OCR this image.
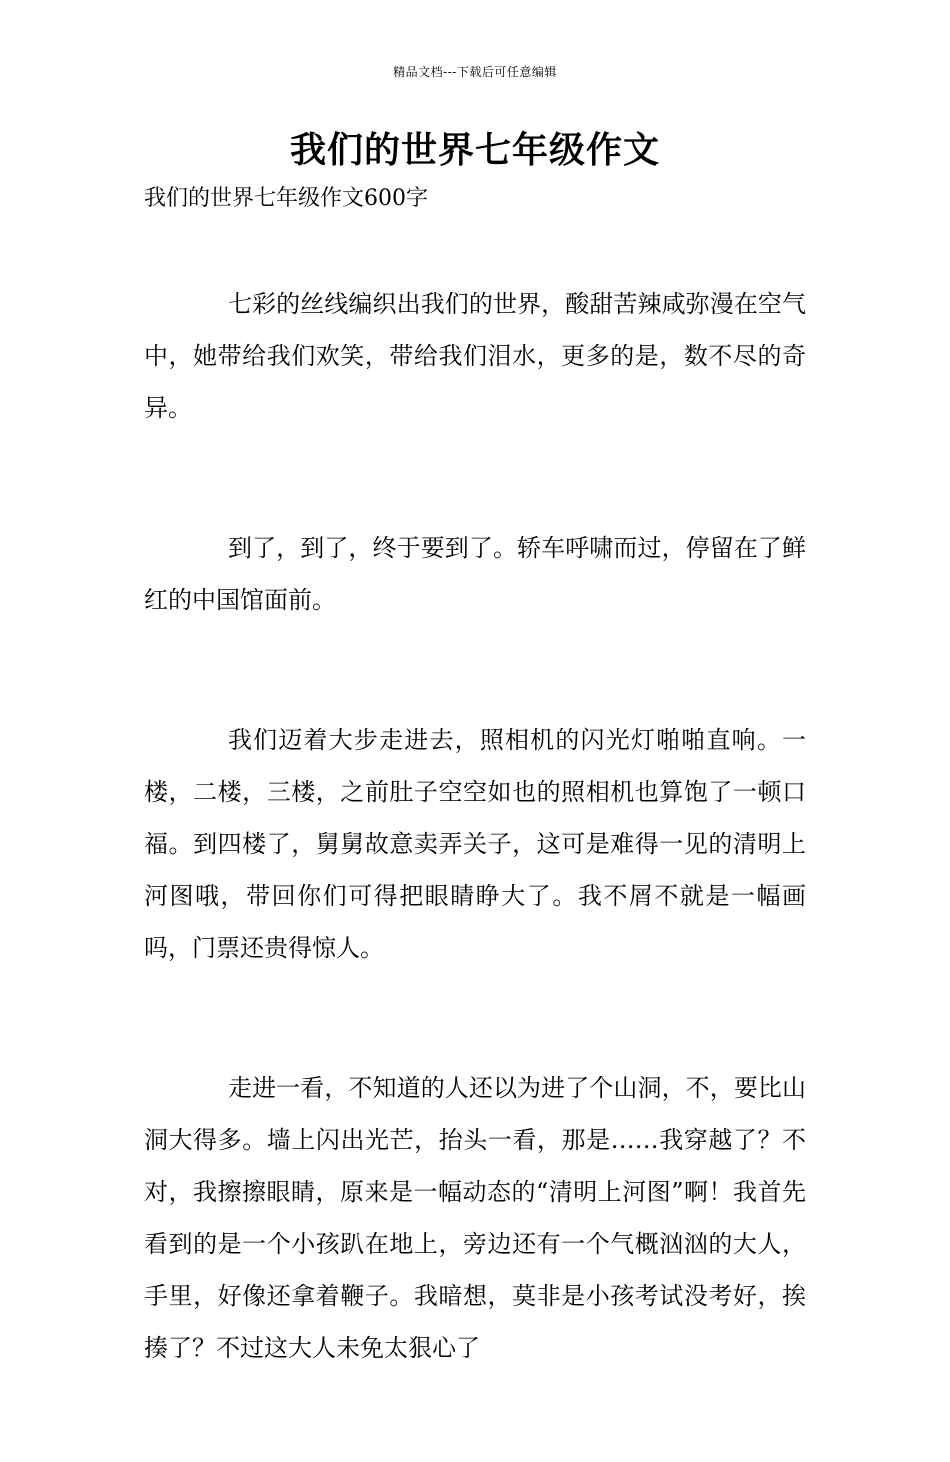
精品文档---下载后可任意编辑
我们的世界七年级作文
我们的世界七年级作文600字

七彩的丝线编织出我们的世界，酸甜苦辣咸弥漫在空气中，她带给我们欢笑，带给我们泪水，更多的是，数不尽的奇异。

到了，到了，终于要到了。轿车呼啸而过，停留在了鲜红的中国馆面前。

我们迈着大步走进去，照相机的闪光灯啪啪直响。一楼，二楼，三楼，之前肚子空空如也的照相机也算饱了一顿口福。到四楼了，舅舅故意卖弄关子，这可是难得一见的清明上河图哦，带回你们可得把眼睛睁大了。我不屑不就是一幅画吗，门票还贵得惊人。

走进一看，不知道的人还以为进了个山洞，不，要比山洞大得多。墙上闪出光芒，抬头一看，那是……我穿越了？不对，我擦擦眼睛，原来是一幅动态的“清明上河图”啊！我首先看到的是一个小孩趴在地上，旁边还有一个气概汹汹的大人，手里，好像还拿着鞭子。我暗想，莫非是小孩考试没考好，挨揍了？不过这大人未免太狠心了
